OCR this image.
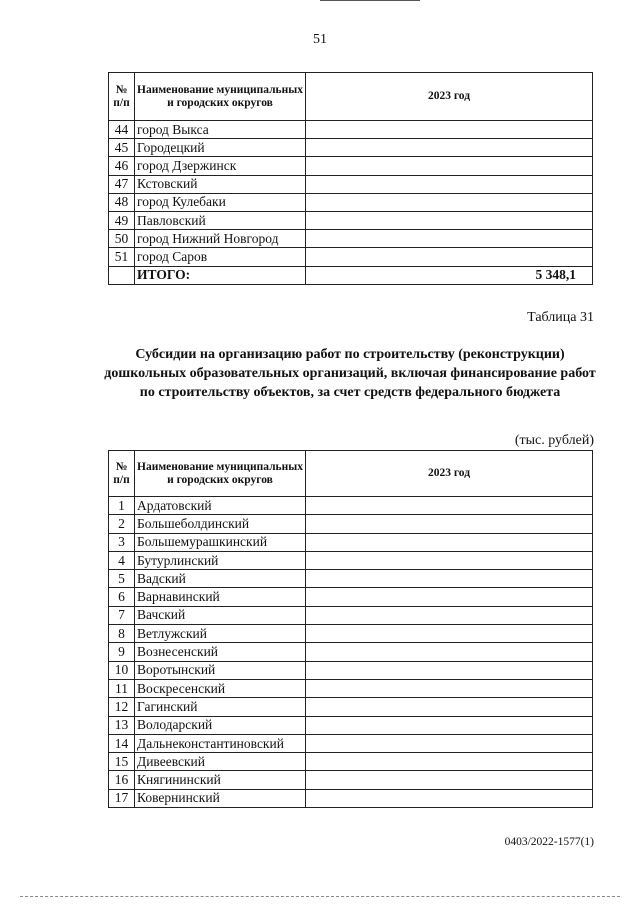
51
№ п/п	Наименование муниципальных и городских округов	2023 год
44	город Выкса	
45	Городецкий	
46	город Дзержинск	
47	Кстовский	
48	город Кулебаки	
49	Павловский	
50	город Нижний Новгород	
51	город Саров	
	ИТОГО:	5 348,1
Таблица 31
Субсидии на организацию работ по строительству (реконструкции) дошкольных образовательных организаций, включая финансирование работ по строительству объектов, за счет средств федерального бюджета
(тыс. рублей)
№ п/п	Наименование муниципальных и городских округов	2023 год
1	Ардатовский	
2	Большеболдинский	
3	Большемурашкинский	
4	Бутурлинский	
5	Вадский	
6	Варнавинский	
7	Вачский	
8	Ветлужский	
9	Вознесенский	
10	Воротынский	
11	Воскресенский	
12	Гагинский	
13	Володарский	
14	Дальнеконстантиновский	
15	Дивеевский	
16	Княгининский	
17	Ковернинский	
0403/2022-1577(1)
